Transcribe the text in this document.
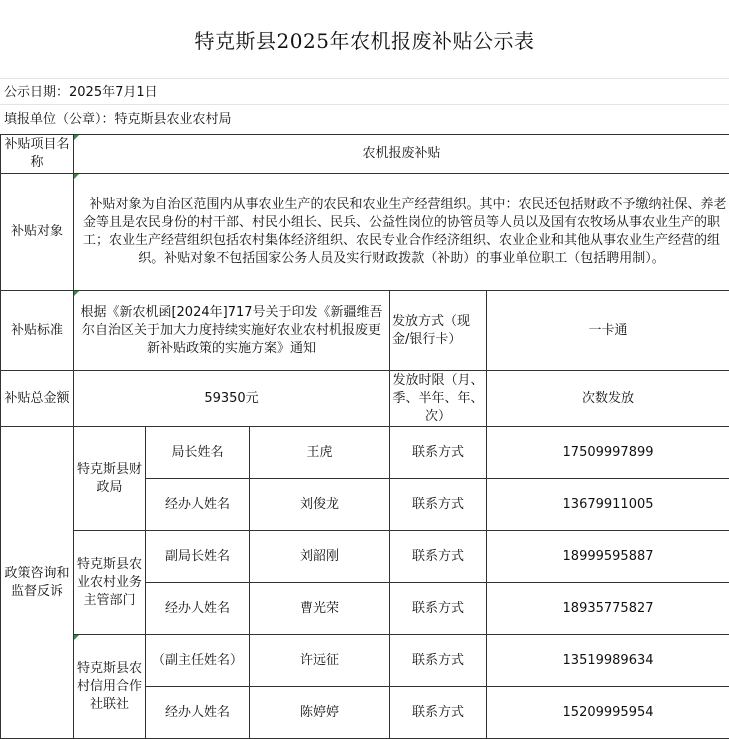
特克斯县2025年农机报废补贴公示表
公示日期：2025年7月1日
填报单位（公章）：特克斯县农业农村局
补贴项目名称	农机报废补贴				
补贴对象	　补贴对象为自治区范围内从事农业生产的农民和农业生产经营组织。其中：农民还包括财政不予缴纳社保、养老金等且是农民身份的村干部、村民小组长、民兵、公益性岗位的协管员等人员以及国有农牧场从事农业生产的职工；农业生产经营组织包括农村集体经济组织、农民专业合作经济组织、农业企业和其他从事农业生产经营的组织。补贴对象不包括国家公务人员及实行财政拨款（补助）的事业单位职工（包括聘用制）。				
补贴标准	根据《新农机函[2024年]717号关于印发《新疆维吾尔自治区关于加大力度持续实施好农业农村机报废更新补贴政策的实施方案》通知			发放方式（现金/银行卡）	一卡通
补贴总金额	59350元			发放时限（月、季、半年、年、次）	次数发放
政策咨询和监督反诉	特克斯县财政局	局长姓名	王虎	联系方式	17509997899
		经办人姓名	刘俊龙	联系方式	13679911005
	特克斯县农业农村业务主管部门	副局长姓名	刘韶刚	联系方式	18999595887
		经办人姓名	曹光荣	联系方式	18935775827

特克斯县农村信用合作社联社	（副主任姓名）	许远征	联系方式	13519989634
		经办人姓名	陈婷婷	联系方式	15209995954
